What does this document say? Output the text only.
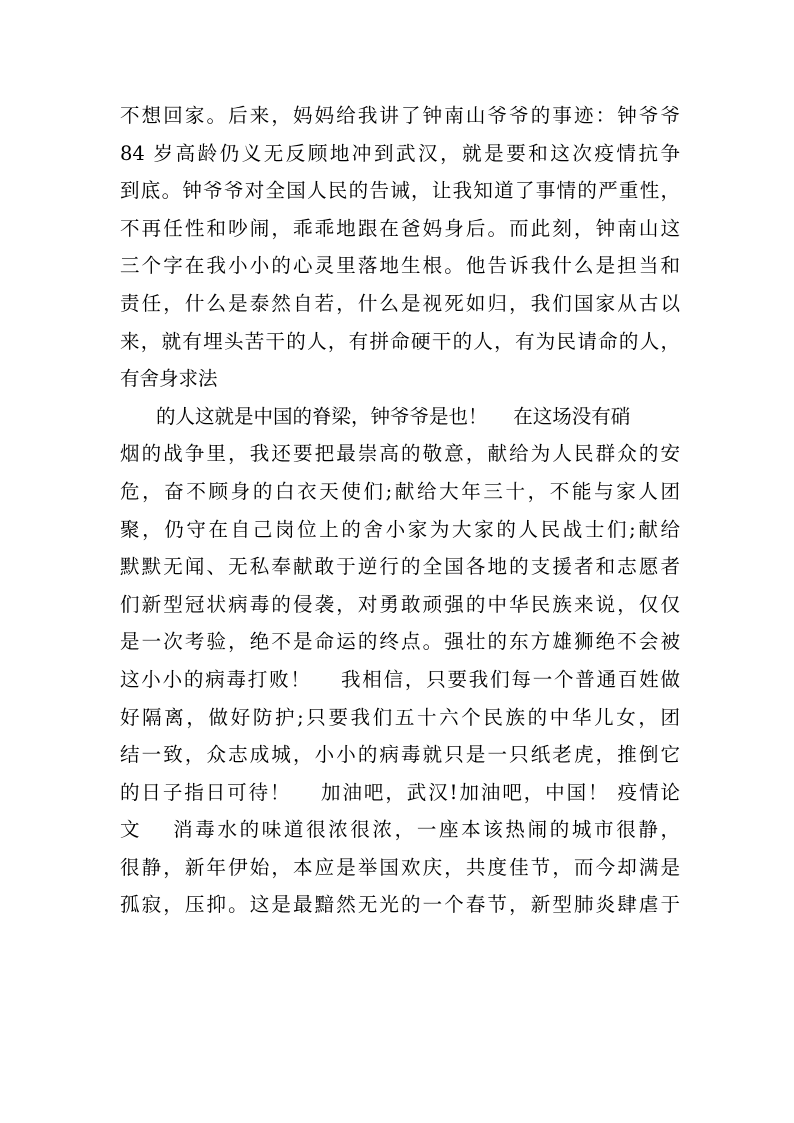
不想回家。后来，妈妈给我讲了钟南山爷爷的事迹：钟爷爷
84 岁高龄仍义无反顾地冲到武汉，就是要和这次疫情抗争
到底。钟爷爷对全国人民的告诫，让我知道了事情的严重性，
不再任性和吵闹，乖乖地跟在爸妈身后。而此刻，钟南山这
三个字在我小小的心灵里落地生根。他告诉我什么是担当和
责任，什么是泰然自若，什么是视死如归，我们国家从古以
来，就有埋头苦干的人，有拼命硬干的人，有为民请命的人，
有舍身求法
的人这就是中国的脊梁，钟爷爷是也！　 在这场没有硝
烟的战争里，我还要把最崇高的敬意，献给为人民群众的安
危，奋不顾身的白衣天使们;献给大年三十，不能与家人团
聚，仍守在自己岗位上的舍小家为大家的人民战士们;献给
默默无闻、无私奉献敢于逆行的全国各地的支援者和志愿者
们新型冠状病毒的侵袭，对勇敢顽强的中华民族来说，仅仅
是一次考验，绝不是命运的终点。强壮的东方雄狮绝不会被
这小小的病毒打败！　 我相信，只要我们每一个普通百姓做
好隔离，做好防护;只要我们五十六个民族的中华儿女，团
结一致，众志成城，小小的病毒就只是一只纸老虎，推倒它
的日子指日可待！　 加油吧，武汉!加油吧，中国！ 疫情论
文　 消毒水的味道很浓很浓，一座本该热闹的城市很静，
很静，新年伊始，本应是举国欢庆，共度佳节，而今却满是
孤寂，压抑。这是最黯然无光的一个春节，新型肺炎肆虐于
